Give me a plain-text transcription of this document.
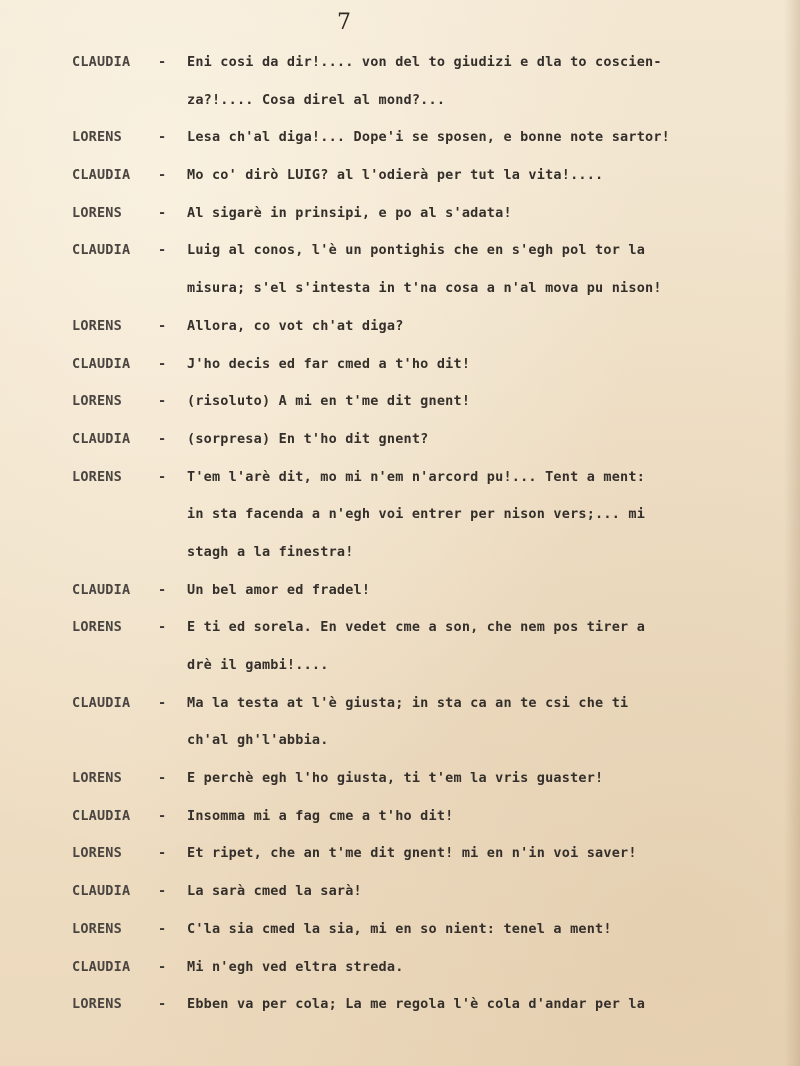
7
CLAUDIA - Eni cosi da dir!.... von del to giudizi e dla to coscien-
za?!.... Cosa direl al mond?...
LORENS	- Lesa ch'al diga!... Dope'i se sposen, e bonne note sartor!
CLAUDIA - Mo co' dirò LUIG? al l'odierà per tut la vita!....
LORENS	- Al sigarè in prinsipi, e po al s'adata!
CLAUDIA - Luig al conos, l'è un pontighis che en s'egh pol tor la
misura; s'el s'intesta in t'na cosa a n'al mova pu nison!
LORENS	- Allora, co vot ch'at diga?
CLAUDIA - J'ho decis ed far cmed a t'ho dit!
LORENS	- (risoluto) A mi en t'me dit gnent!
CLAUDIA - (sorpresa) En t'ho dit gnent?
LORENS	- T'em l'arè dit, mo mi n'em n'arcord pu!... Tent a ment:
in sta facenda a n'egh voi entrer per nison vers;... mi
stagh a la finestra!
CLAUDIA - Un bel amor ed fradel!
LORENS	- E ti ed sorela. En vedet cme a son, che nem pos tirer a
drè il gambi!....
CLAUDIA - Ma la testa at l'è giusta; in sta ca an te csi che ti
ch'al gh'l'abbia.
LORENS	- E perchè egh l'ho giusta, ti t'em la vris guaster!
CLAUDIA - Insomma mi a fag cme a t'ho dit!
LORENS	- Et ripet, che an t'me dit gnent! mi en n'in voi saver!
CLAUDIA - La sarà cmed la sarà!
LORENS	- C'la sia cmed la sia, mi en so nient: tenel a ment!
CLAUDIA - Mi n'egh ved eltra streda.
LORENS	- Ebben va per cola; La me regola l'è cola d'andar per la
